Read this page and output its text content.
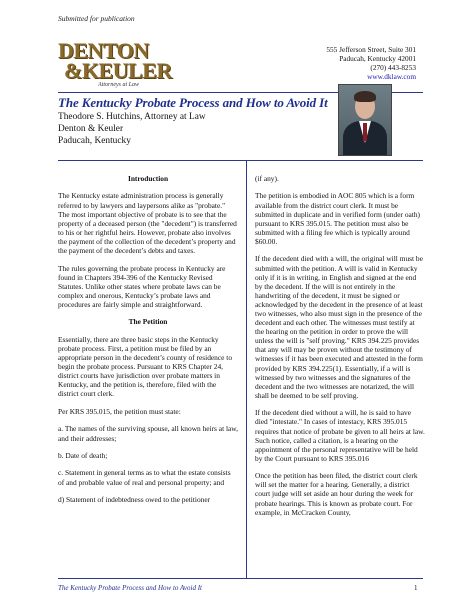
Submitted for publication
DENTON
&KEULER
Attorneys at Law
555 Jefferson Street, Suite 301
Paducah, Kentucky 42001
(270) 443-8253
www.dklaw.com
The Kentucky Probate Process and How to Avoid It
Theodore S. Hutchins, Attorney at Law
Denton & Keuler
Paducah, Kentucky
Introduction

The Kentucky estate administration process is generally referred to by lawyers and laypersons alike as "probate." The most important objective of probate is to see that the property of a deceased person (the "decedent") is transferred to his or her rightful heirs. However, probate also involves the payment of the collection of the decedent’s property and the payment of the decedent’s debts and taxes.

The rules governing the probate process in Kentucky are found in Chapters 394-396 of the Kentucky Revised Statutes. Unlike other states where probate laws can be complex and onerous, Kentucky’s probate laws and procedures are fairly simple and straightforward.

The Petition

Essentially, there are three basic steps in the Kentucky probate process. First, a petition must be filed by an appropriate person in the decedent’s county of residence to begin the probate process. Pursuant to KRS Chapter 24, district courts have jurisdiction over probate matters in Kentucky, and the petition is, therefore, filed with the district court clerk.

Per KRS 395.015, the petition must state:

a. The names of the surviving spouse, all known heirs at law, and their addresses;

b. Date of death;

c. Statement in general terms as to what the estate consists of and probable value of real and personal property; and

d) Statement of indebtedness owed to the petitioner

(if any).

The petition is embodied in AOC 805 which is a form available from the district court clerk. It must be submitted in duplicate and in verified form (under oath) pursuant to KRS 395.015. The petition must also be submitted with a filing fee which is typically around $60.00.

If the decedent died with a will, the original will must be submitted with the petition. A will is valid in Kentucky only if it is in writing, in English and signed at the end by the decedent. If the will is not entirely in the handwriting of the decedent, it must be signed or acknowledged by the decedent in the presence of at least two witnesses, who also must sign in the presence of the decedent and each other. The witnesses must testify at the hearing on the petition in order to prove the will unless the will is "self proving." KRS 394.225 provides that any will may be proven without the testimony of witnesses if it has been executed and attested in the form provided by KRS 394.225(1). Essentially, if a will is witnessed by two witnesses and the signatures of the decedent and the two witnesses are notarized, the will shall be deemed to be self proving.

If the decedent died without a will, he is said to have died "intestate." In cases of intestacy, KRS 395.015 requires that notice of probate be given to all heirs at law. Such notice, called a citation, is a hearing on the appointment of the personal representative will be held by the Court pursuant to KRS 395.016

Once the petition has been filed, the district court clerk will set the matter for a hearing. Generally, a district court judge will set aside an hour during the week for probate hearings. This is known as probate court. For example, in McCracken County,

The Kentucky Probate Process and How to Avoid It	1
